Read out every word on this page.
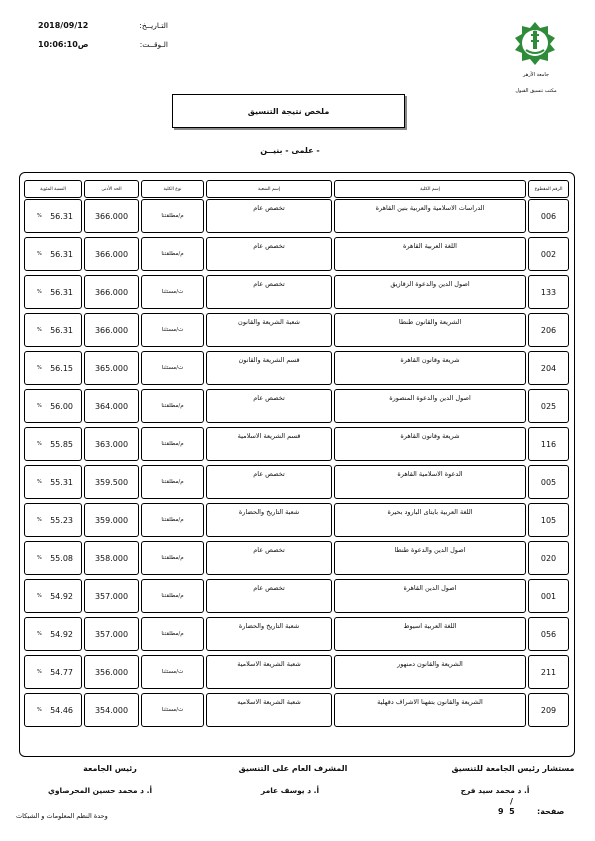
التـاريــخ:
2018/09/12
الـوقــت:
ص10:06:10
جامعة الأزهر
مكتب تنسيق القبول
ملخص نتيجة التنسيق
- علمى - بنيــن
الرقم المقطوع
إسم الكلية
إسم الشعبة
نوع الكلية
الحد الأدنى
النسبة المئوية
006
الدراسات الاسلامية والعربية بنين القاهرة
تخصص عام
م/مطلقتنا
366.000
% 56.31
002
اللغة العربية القاهرة
تخصص عام
م/مطلقتنا
366.000
% 56.31
133
اصول الدين والدعوة الزقازيق
تخصص عام
ت/مستثنا
366.000
% 56.31
206
الشريعة والقانون طنطا
شعبة الشريعة والقانون
ت/مستثنا
366.000
% 56.31
204
شريعة وقانون القاهرة
قسم الشريعة والقانون
ت/مستثنا
365.000
% 56.15
025
اصول الدين والدعوة المنصورة
تخصص عام
م/مطلقتنا
364.000
% 56.00
116
شريعة وقانون القاهرة
قسم الشريعة الاسلامية
م/مطلقتنا
363.000
% 55.85
005
الدعوة الاسلامية القاهرة
تخصص عام
م/مطلقتنا
359.500
% 55.31
105
اللغة العربية بايتاى البارود بحيرة
شعبة التاريخ والحضارة
م/مطلقتنا
359.000
% 55.23
020
اصول الدين والدعوة طنطا
تخصص عام
م/مطلقتنا
358.000
% 55.08
001
اصول الدين القاهرة
تخصص عام
م/مطلقتنا
357.000
% 54.92
056
اللغة العربية اسيوط
شعبة التاريخ والحضارة
م/مطلقتنا
357.000
% 54.92
211
الشريعة والقانون دمنهور
شعبة الشريعة الاسلامية
ت/مستثنا
356.000
% 54.77
209
الشريعة والقانون بتفهنا الاشراف دقهلية
شعبة الشريعة الاسلاميه
ت/مستثنا
354.000
% 54.46
مستشار رئيس الجامعة للتنسيق
المشرف العام على التنسيق
رئيس الجامعة
أ. د محمد سيد فرج
أ. د يوسف عامر
أ. د محمد حسين المحرصاوي
/
صفحة:
9 5
وحدة النظم المعلومات و الشبكات
